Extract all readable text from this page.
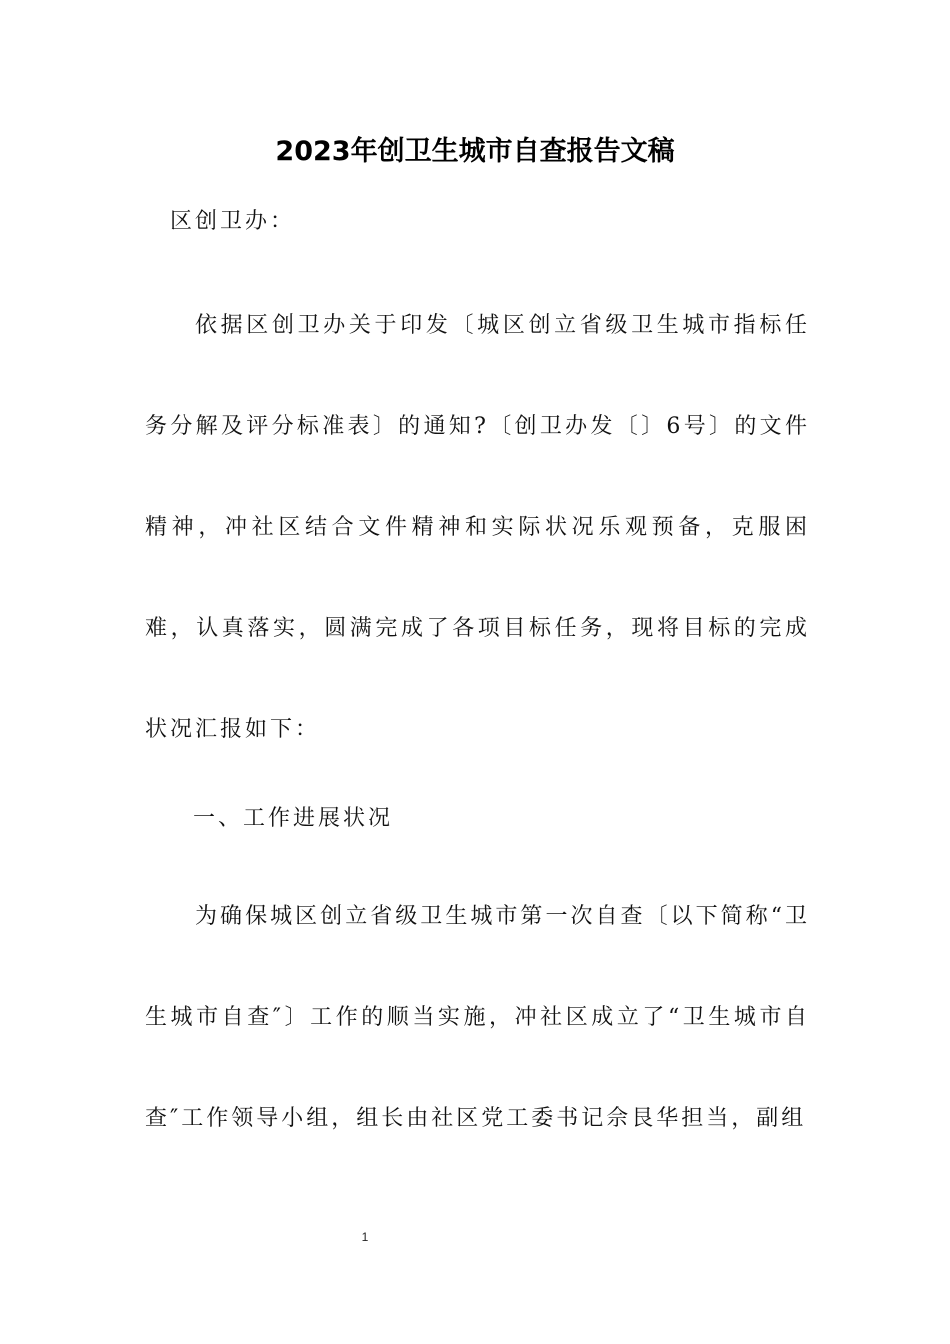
2023年创卫生城市自查报告文稿
区创卫办：

依据区创卫办关于印发〔城区创立省级卫生城市指标任务分解及评分标准表〕的通知?〔创卫办发〔〕6号〕的文件精神，冲社区结合文件精神和实际状况乐观预备，克服困难，认真落实，圆满完成了各项目标任务，现将目标的完成状况汇报如下：

一、工作进展状况

为确保城区创立省级卫生城市第一次自查〔以下简称“卫生城市自查″〕工作的顺当实施，冲社区成立了“卫生城市自查″工作领导小组，组长由社区党工委书记佘艮华担当，副组

1
